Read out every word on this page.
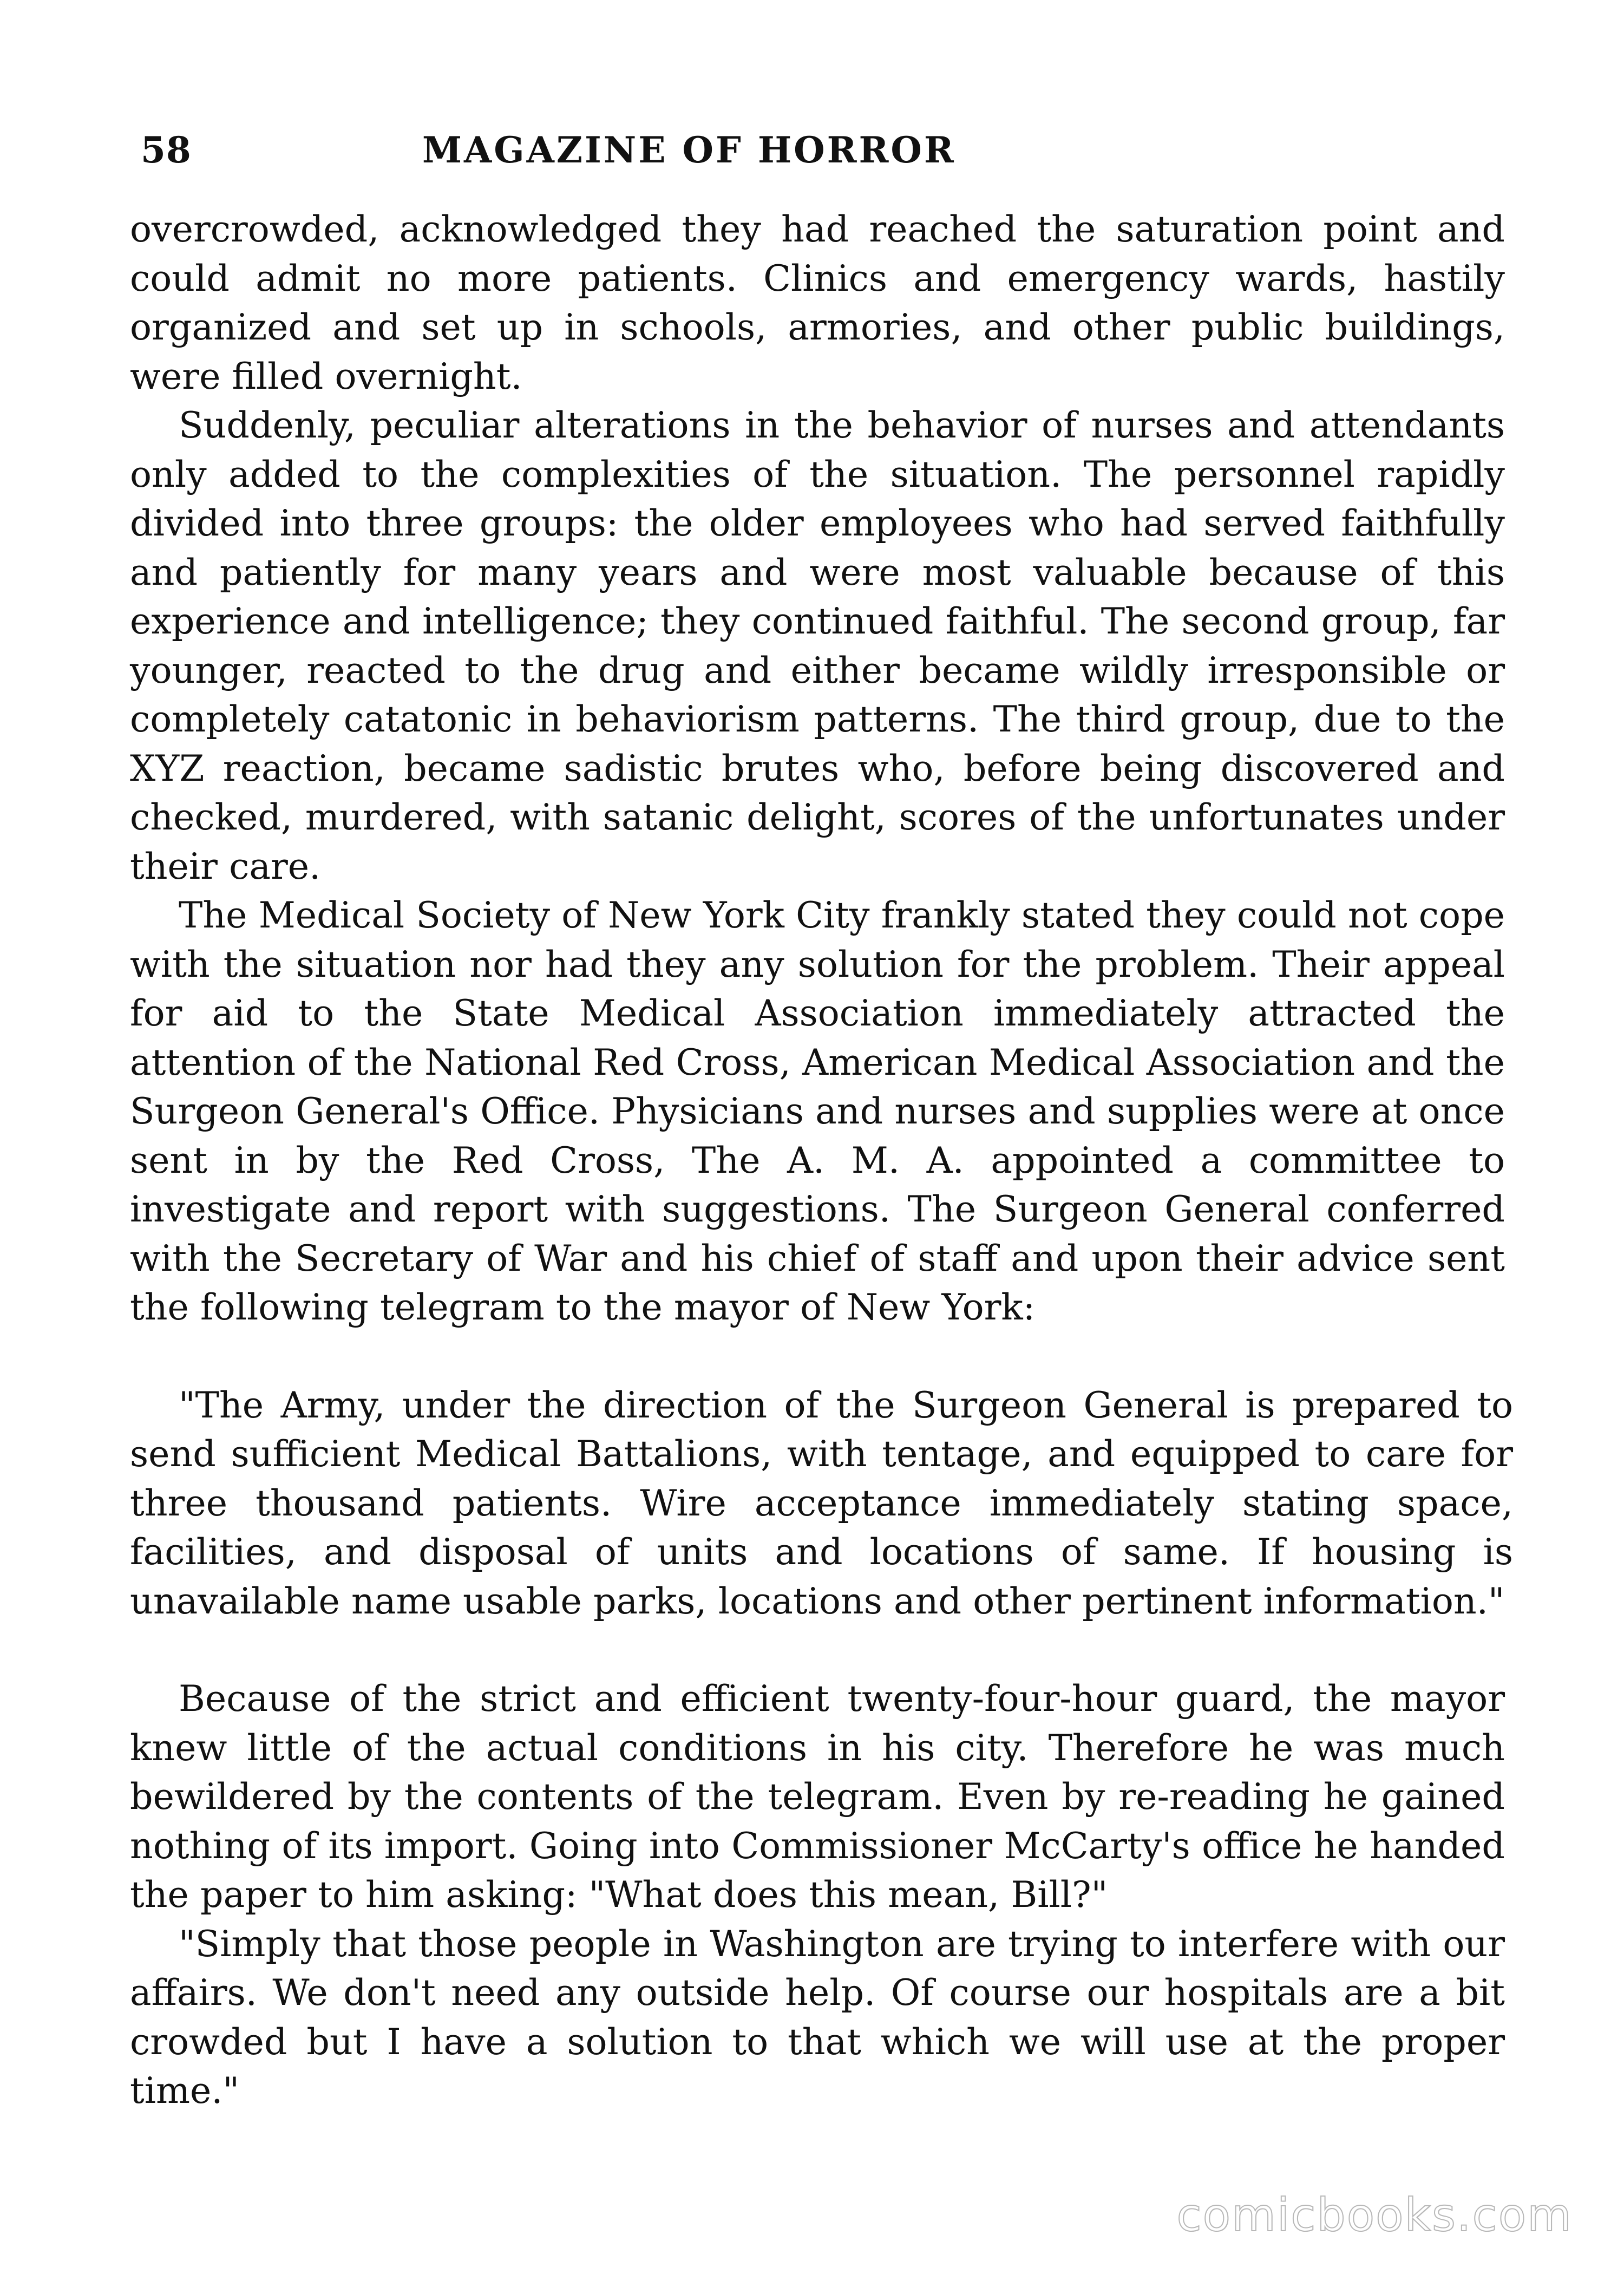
58	MAGAZINE OF HORROR

overcrowded, acknowledged they had reached the saturation point and could admit no more patients. Clinics and emergency wards, hastily organized and set up in schools, armories, and other public buildings, were filled overnight.

Suddenly, peculiar alterations in the behavior of nurses and attendants only added to the complexities of the situation. The personnel rapidly divided into three groups: the older employees who had served faithfully and patiently for many years and were most valuable because of this experience and intelligence; they continued faithful. The second group, far younger, reacted to the drug and either became wildly irresponsible or completely catatonic in behaviorism patterns. The third group, due to the XYZ reaction, became sadistic brutes who, before being discovered and checked, murdered, with satanic delight, scores of the unfortunates under their care.

The Medical Society of New York City frankly stated they could not cope with the situation nor had they any solution for the problem. Their appeal for aid to the State Medical Association immediately attracted the attention of the National Red Cross, American Medical Association and the Surgeon General's Office. Physicians and nurses and supplies were at once sent in by the Red Cross, The A. M. A. appointed a committee to investigate and report with suggestions. The Surgeon General conferred with the Secretary of War and his chief of staff and upon their advice sent the following telegram to the mayor of New York:

"The Army, under the direction of the Surgeon General is prepared to send sufficient Medical Battalions, with tentage, and equipped to care for three thousand patients. Wire acceptance immediately stating space, facilities, and disposal of units and locations of same. If housing is unavailable name usable parks, locations and other pertinent information."

Because of the strict and efficient twenty-four-hour guard, the mayor knew little of the actual conditions in his city. Therefore he was much bewildered by the contents of the telegram. Even by re-reading he gained nothing of its import. Going into Commissioner McCarty's office he handed the paper to him asking: "What does this mean, Bill?"

"Simply that those people in Washington are trying to interfere with our affairs. We don't need any outside help. Of course our hospitals are a bit crowded but I have a solution to that which we will use at the proper time."

comicbooks.com
